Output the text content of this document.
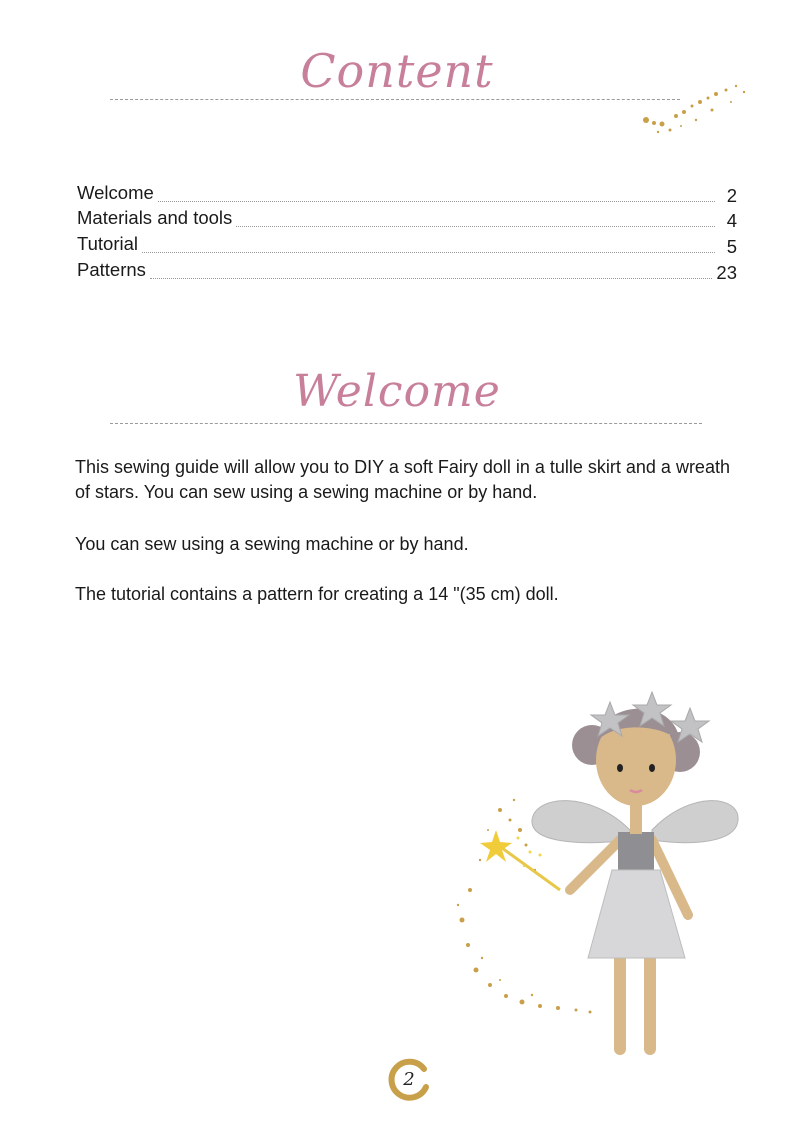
Content
Welcome	2
Materials and tools	4
Tutorial	5
Patterns	23
Welcome
This sewing guide will allow you to DIY a soft Fairy doll in a tulle skirt and a wreath of stars. You can sew using a sewing machine or by hand.
You can sew using a sewing machine or by hand.
The tutorial contains a pattern for creating a 14 "(35 cm) doll.
2
